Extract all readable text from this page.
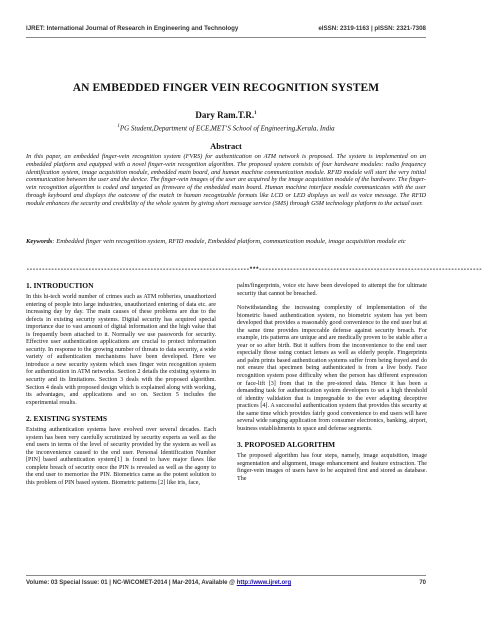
IJRET: International Journal of Research in Engineering and Technology	eISSN: 2319-1163 | pISSN: 2321-7308
AN EMBEDDED FINGER VEIN RECOGNITION SYSTEM
Dary Ram.T.R.$^1$
$^1$PG Student,Department of ECE,MET’S School of Engineering,Kerala, India
Abstract
In this paper, an embedded finger-vein recognition system (FVRS) for authentication on ATM network is proposed. The system is implemented on an embedded platform and equipped with a novel finger-vein recognition algorithm. The proposed system consists of four hardware modules: radio frequency identification system, image acquisition module, embedded main board, and human machine communication module. RFID module will start the very initial communication between the user and the device. The finger-vein images of the user are acquired by the image acquisition module of the hardware. The finger-vein recognition algorithm is coded and targeted as firmware of the embedded main board. Human machine interface module communicates with the user through keyboard and displays the outcome of the match in human recognizable formats like LCD or LED displays as well as voice message. The RFID module enhances the security and credibility of the whole system by giving short message service (SMS) through GSM technology platform to the actual user.
Keywords: Embedded finger vein recognition system, RFID module, Embedded platform, communication module, image acquisition module etc
------------------------------------------------------------------------***------------------------------------------------------------------------
1. INTRODUCTION

In this hi-tech world number of crimes such as ATM robberies, unauthorized entering of people into large industries, unauthorized entering of data etc. are increasing day by day. The main causes of these problems are due to the defects in existing security systems. Digital security has acquired special importance due to vast amount of digital information and the high value that is frequently been attached to it. Normally we use passwords for security. Effective user authentication applications are crucial to protect information security. In response to the growing number of threats to data security, a wide variety of authentication mechanisms have been developed. Here we introduce a new security system which uses finger vein recognition system for authentication in ATM networks. Section 2 details the existing systems in security and its limitations. Section 3 deals with the proposed algorithm. Section 4 deals with proposed design which is explained along with working, its advantages, and applications and so on. Section 5 includes the experimental results.

2. EXISTING SYSTEMS

Existing authentication systems have evolved over several decades. Each system has been very carefully scrutinized by security experts as well as the end users in terms of the level of security provided by the system as well as the inconvenience caused to the end user. Personal Identification Number [PIN] based authentication system[1] is found to have major flaws like complete breach of security once the PIN is revealed as well as the agony to the end user to memorize the PIN. Biometrics came as the potent solution to this problem of PIN based system. Biometric patterns [2] like iris, face,

palm/fingerprints, voice etc have been developed to attempt the for ultimate security that cannot be breached.

Notwithstanding the increasing complexity of implementation of the biometric based authentication system, no biometric system has yet been developed that provides a reasonably good convenience to the end user but at the same time provides impeccable defense against security breach. For example, iris patterns are unique and are medically proven to be stable after a year or so after birth. But it suffers from the inconvenience to the end user especially those using contact lenses as well as elderly people. Fingerprints and palm prints based authentication systems suffer from being frayed and do not ensure that specimen being authenticated is from a live body. Face recognition system pose difficulty when the person has different expression or face-lift [3] from that in the pre-stored data. Hence it has been a demanding task for authentication system developers to set a high threshold of identity validation that is impregnable to the ever adapting deceptive practices [4]. A successful authentication system that provides this security at the same time which provides fairly good convenience to end users will have several wide ranging application from consumer electronics, banking, airport, business establishments to space and defense segments.

3. PROPOSED ALGORITHM

The proposed algorithm has four steps, namely, image acquisition, image segmentation and alignment, image enhancement and feature extraction. The finger-vein images of users have to be acquired first and stored as database. The

Volume: 03 Special Issue: 01 | NC-WiCOMET-2014 | Mar-2014, Available @ http://www.ijret.org	70
